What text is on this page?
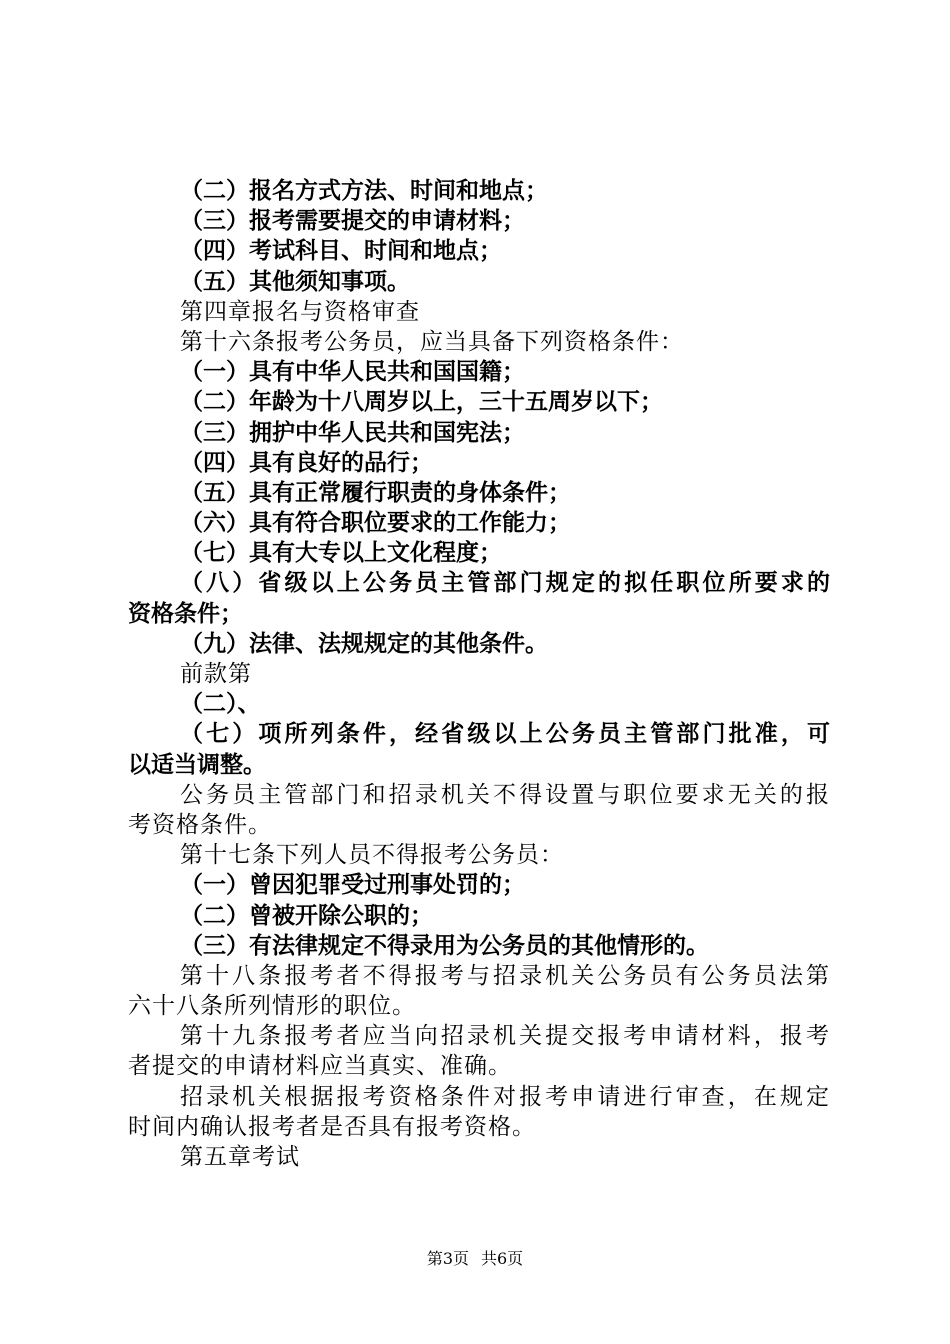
（二）报名方式方法、时间和地点；
（三）报考需要提交的申请材料；
（四）考试科目、时间和地点；
（五）其他须知事项。
第四章报名与资格审查
第十六条报考公务员，应当具备下列资格条件：
（一）具有中华人民共和国国籍；
（二）年龄为十八周岁以上，三十五周岁以下；
（三）拥护中华人民共和国宪法；
（四）具有良好的品行；
（五）具有正常履行职责的身体条件；
（六）具有符合职位要求的工作能力；
（七）具有大专以上文化程度；
（八）省级以上公务员主管部门规定的拟任职位所要求的
资格条件；
（九）法律、法规规定的其他条件。
前款第
（二）、
（七）项所列条件，经省级以上公务员主管部门批准，可
以适当调整。
公务员主管部门和招录机关不得设置与职位要求无关的报
考资格条件。
第十七条下列人员不得报考公务员：
（一）曾因犯罪受过刑事处罚的；
（二）曾被开除公职的；
（三）有法律规定不得录用为公务员的其他情形的。
第十八条报考者不得报考与招录机关公务员有公务员法第
六十八条所列情形的职位。
第十九条报考者应当向招录机关提交报考申请材料，报考
者提交的申请材料应当真实、准确。
招录机关根据报考资格条件对报考申请进行审查，在规定
时间内确认报考者是否具有报考资格。
第五章考试
第3页 共6页
